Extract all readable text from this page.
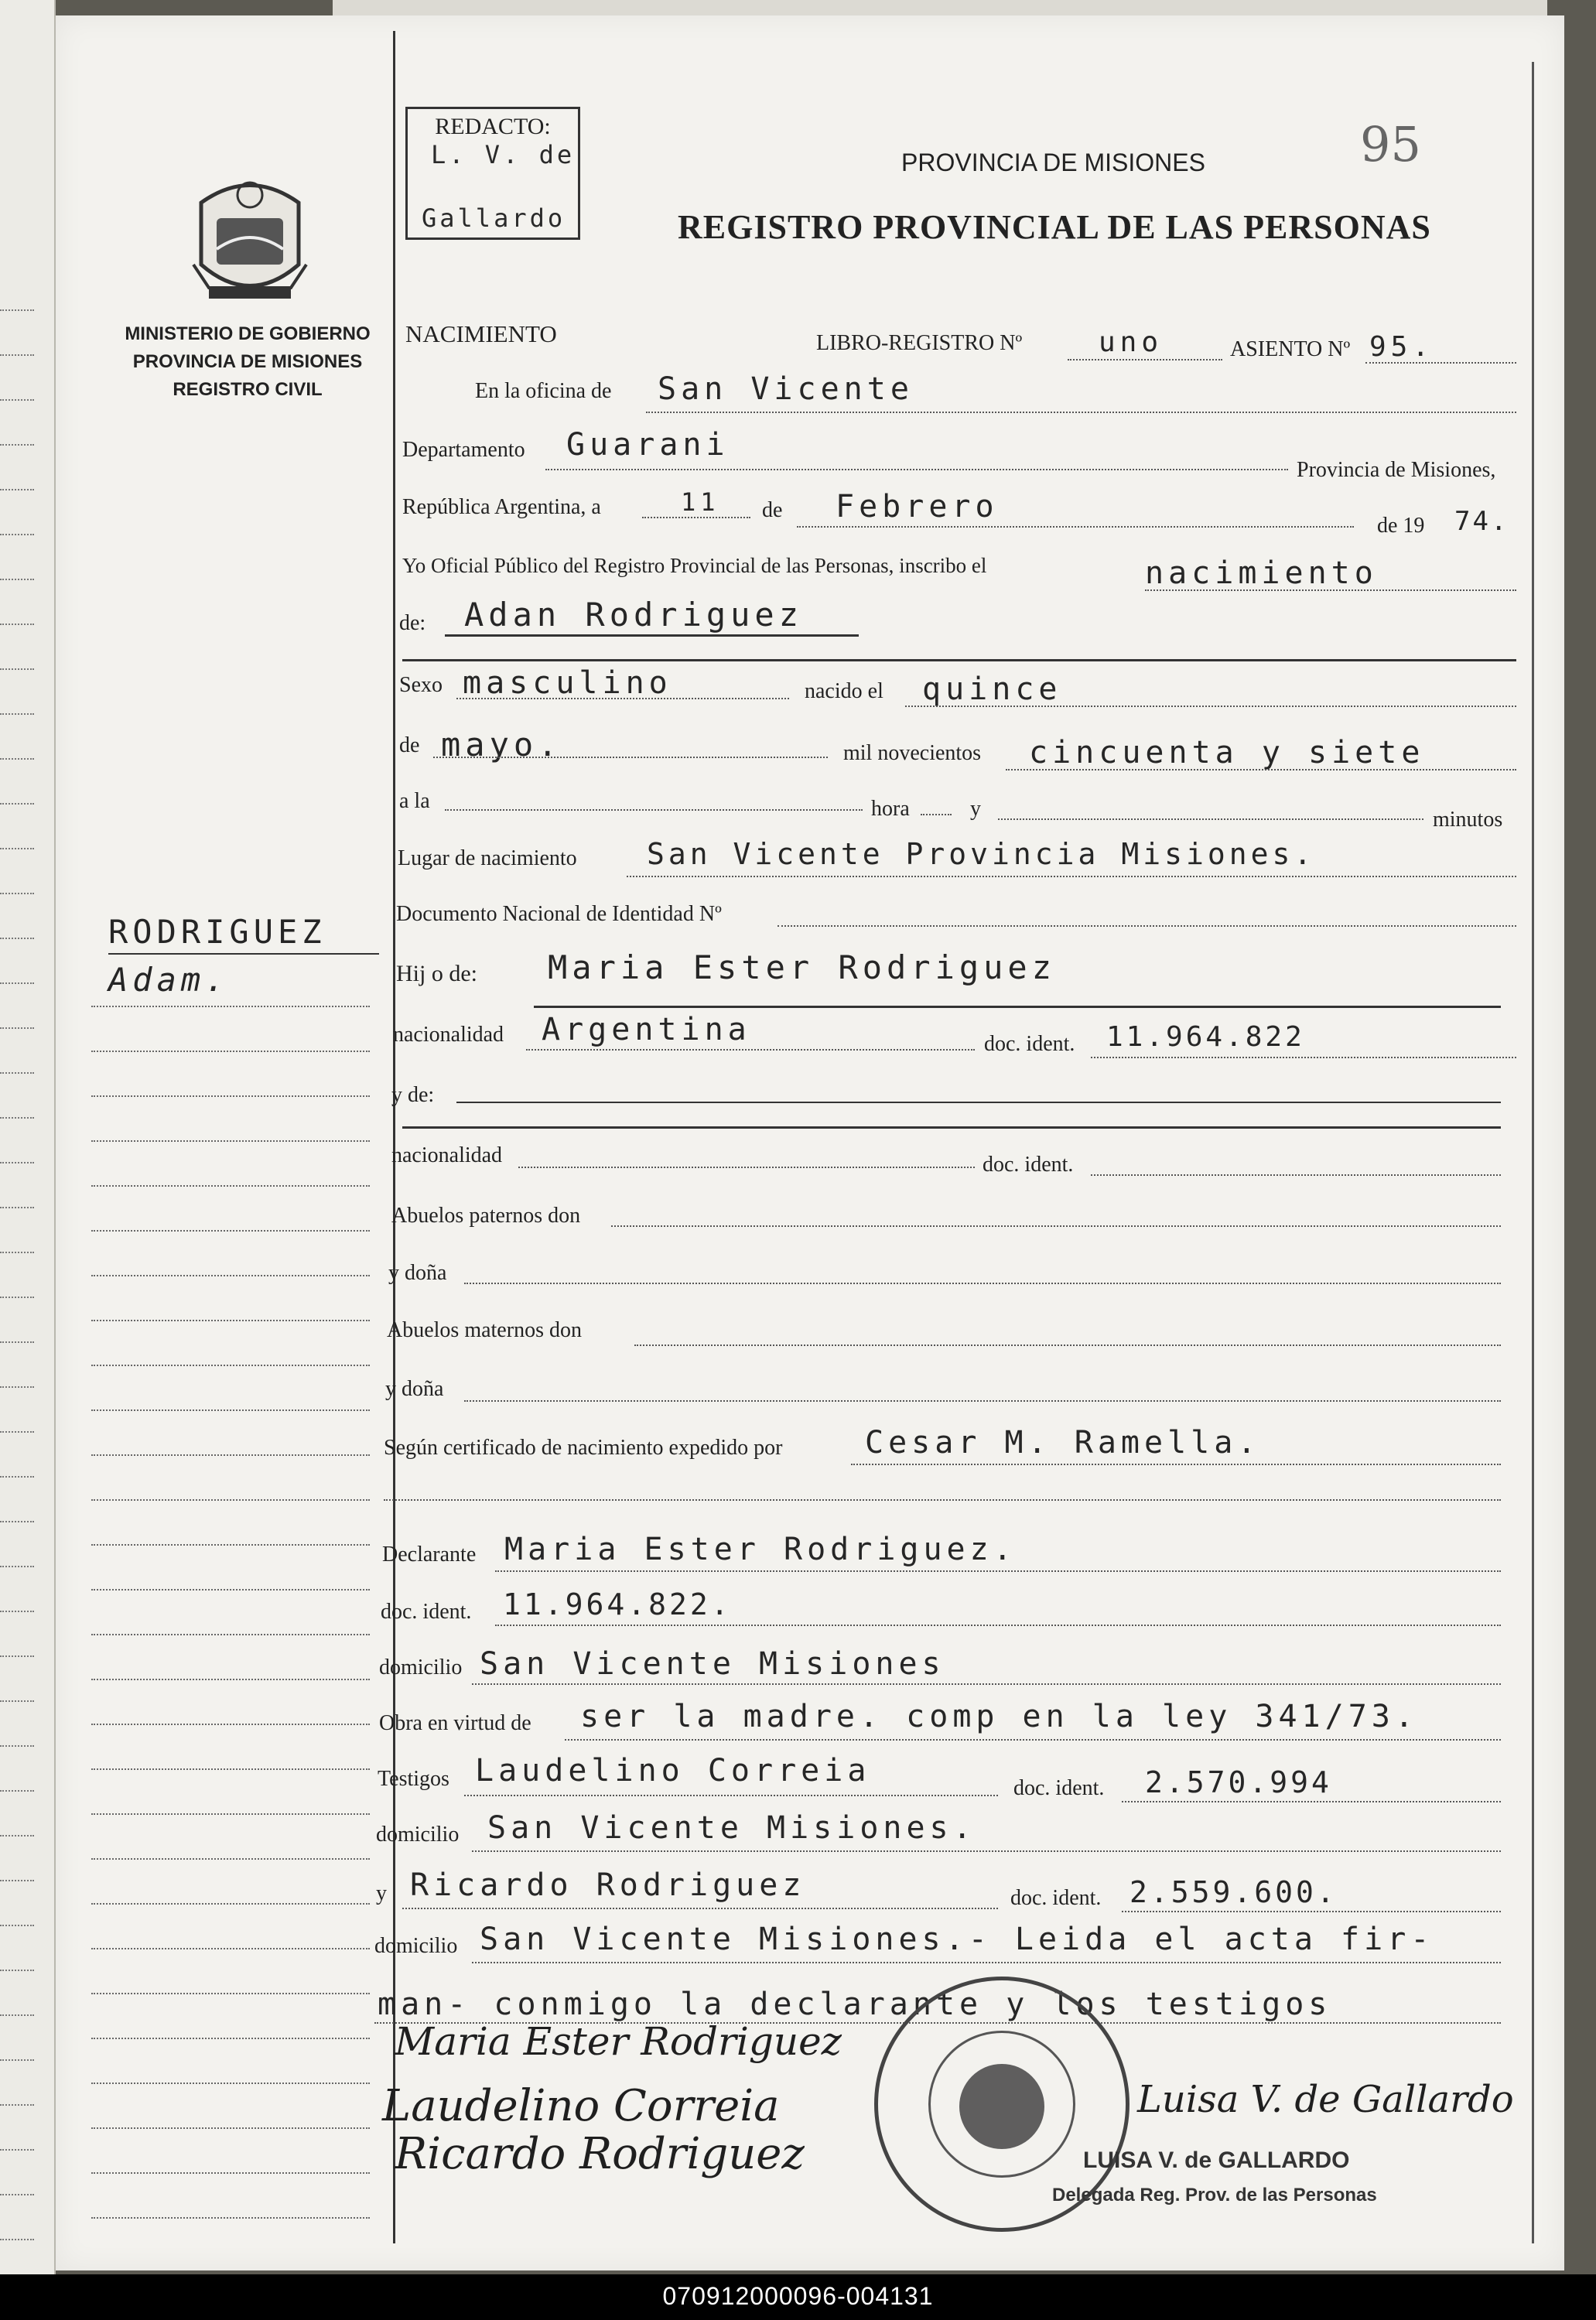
REDACTO:
L. V. de
Gallardo
95
MINISTERIO DE GOBIERNO
PROVINCIA DE MISIONES
REGISTRO CIVIL
PROVINCIA DE MISIONES
REGISTRO PROVINCIAL DE LAS PERSONAS
NACIMIENTO	LIBRO-REGISTRO Nº	uno	ASIENTO Nº 95.
En la oficina de San Vicente
Departamento Guarani
Provincia de Misiones,
República Argentina, a	11 de Febrero
de 19 74.
Yo Oficial Público del Registro Provincial de las Personas, inscribo el	nacimiento
de: Adan Rodriguez
Sexo masculino	nacido el quince
de mayo.	mil novecientos cincuenta y siete
a la	hora	y	minutos
Lugar de nacimiento San Vicente Provincia Misiones.
Documento Nacional de Identidad Nº
Hij o de: Maria Ester Rodriguez
nacionalidad Argentina	doc. ident. 11.964.822
y de:
nacionalidad	doc. ident.
Abuelos paternos don
y doña
Abuelos maternos don
y doña
Según certificado de nacimiento expedido por	Cesar M. Ramella.
Declarante Maria Ester Rodriguez.
doc. ident. 11.964.822.
domicilio San Vicente Misiones
Obra en virtud de ser la madre. comp en la ley 341/73.
Testigos Laudelino Correia	doc. ident. 2.570.994
domicilio San Vicente Misiones.
y Ricardo Rodriguez	doc. ident. 2.559.600.
domicilio San Vicente Misiones.- Leida el acta fir-
man- conmigo la declarante y los testigos
RODRIGUEZ
Adam.
Maria Ester Rodriguez
Laudelino Correia
Ricardo Rodriguez
Luisa V. de Gallardo
LUISA V. de GALLARDO
Delegada Reg. Prov. de las Personas
070912000096-004131
